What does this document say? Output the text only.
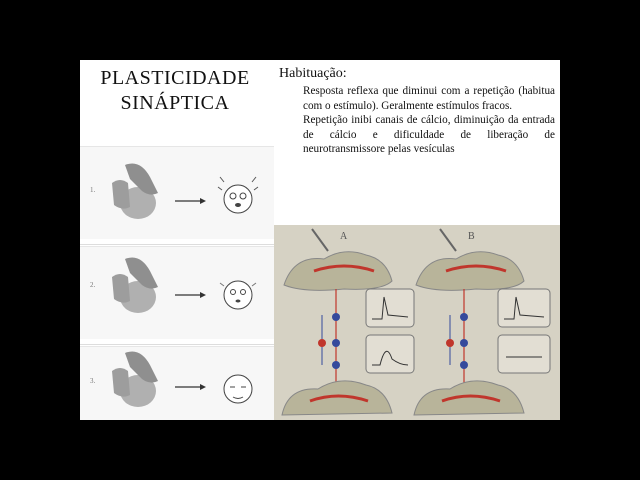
PLASTICIDADE
SINÁPTICA

Habituação:

Resposta reflexa que diminui com a repetição (habitua com o estímulo). Geralmente estímulos fracos.

Repetição inibi canais de cálcio, diminuição da entrada de cálcio e dificuldade de liberação de neurotransmissore pelas vesículas

1.
2.
3.
A	B
